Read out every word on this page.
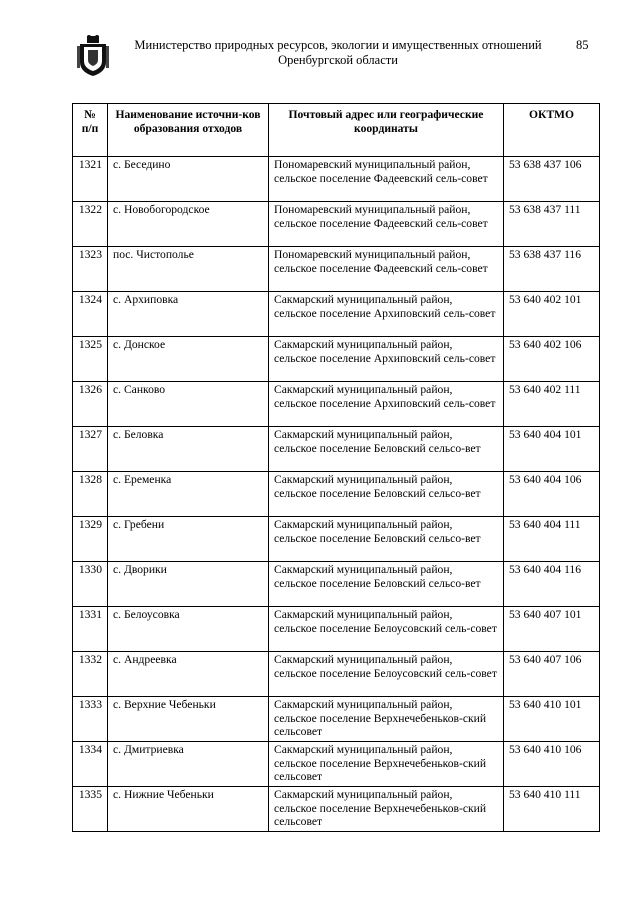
Министерство природных ресурсов, экологии и имущественных отношений
Оренбургской области
85
№ п/п	Наименование источни-ков образования отходов	Почтовый адрес или географические координаты	ОКТМО
1321	с. Беседино	Пономаревский муниципальный район, сельское поселение Фадеевский сель-совет	53 638 437 106
1322	с. Новобогородское	Пономаревский муниципальный район, сельское поселение Фадеевский сель-совет	53 638 437 111
1323	пос. Чистополье	Пономаревский муниципальный район, сельское поселение Фадеевский сель-совет	53 638 437 116
1324	с. Архиповка	Сакмарский муниципальный район, сельское поселение Архиповский сель-совет	53 640 402 101
1325	с. Донское	Сакмарский муниципальный район, сельское поселение Архиповский сель-совет	53 640 402 106
1326	с. Санково	Сакмарский муниципальный район, сельское поселение Архиповский сель-совет	53 640 402 111
1327	с. Беловка	Сакмарский муниципальный район, сельское поселение Беловский сельсо-вет	53 640 404 101
1328	с. Еременка	Сакмарский муниципальный район, сельское поселение Беловский сельсо-вет	53 640 404 106
1329	с. Гребени	Сакмарский муниципальный район, сельское поселение Беловский сельсо-вет	53 640 404 111
1330	с. Дворики	Сакмарский муниципальный район, сельское поселение Беловский сельсо-вет	53 640 404 116
1331	с. Белоусовка	Сакмарский муниципальный район, сельское поселение Белоусовский сель-совет	53 640 407 101
1332	с. Андреевка	Сакмарский муниципальный район, сельское поселение Белоусовский сель-совет	53 640 407 106
1333	с. Верхние Чебеньки	Сакмарский муниципальный район, сельское поселение Верхнечебеньков-ский сельсовет	53 640 410 101
1334	с. Дмитриевка	Сакмарский муниципальный район, сельское поселение Верхнечебеньков-ский сельсовет	53 640 410 106
1335	с. Нижние Чебеньки	Сакмарский муниципальный район, сельское поселение Верхнечебеньков-ский сельсовет	53 640 410 111
